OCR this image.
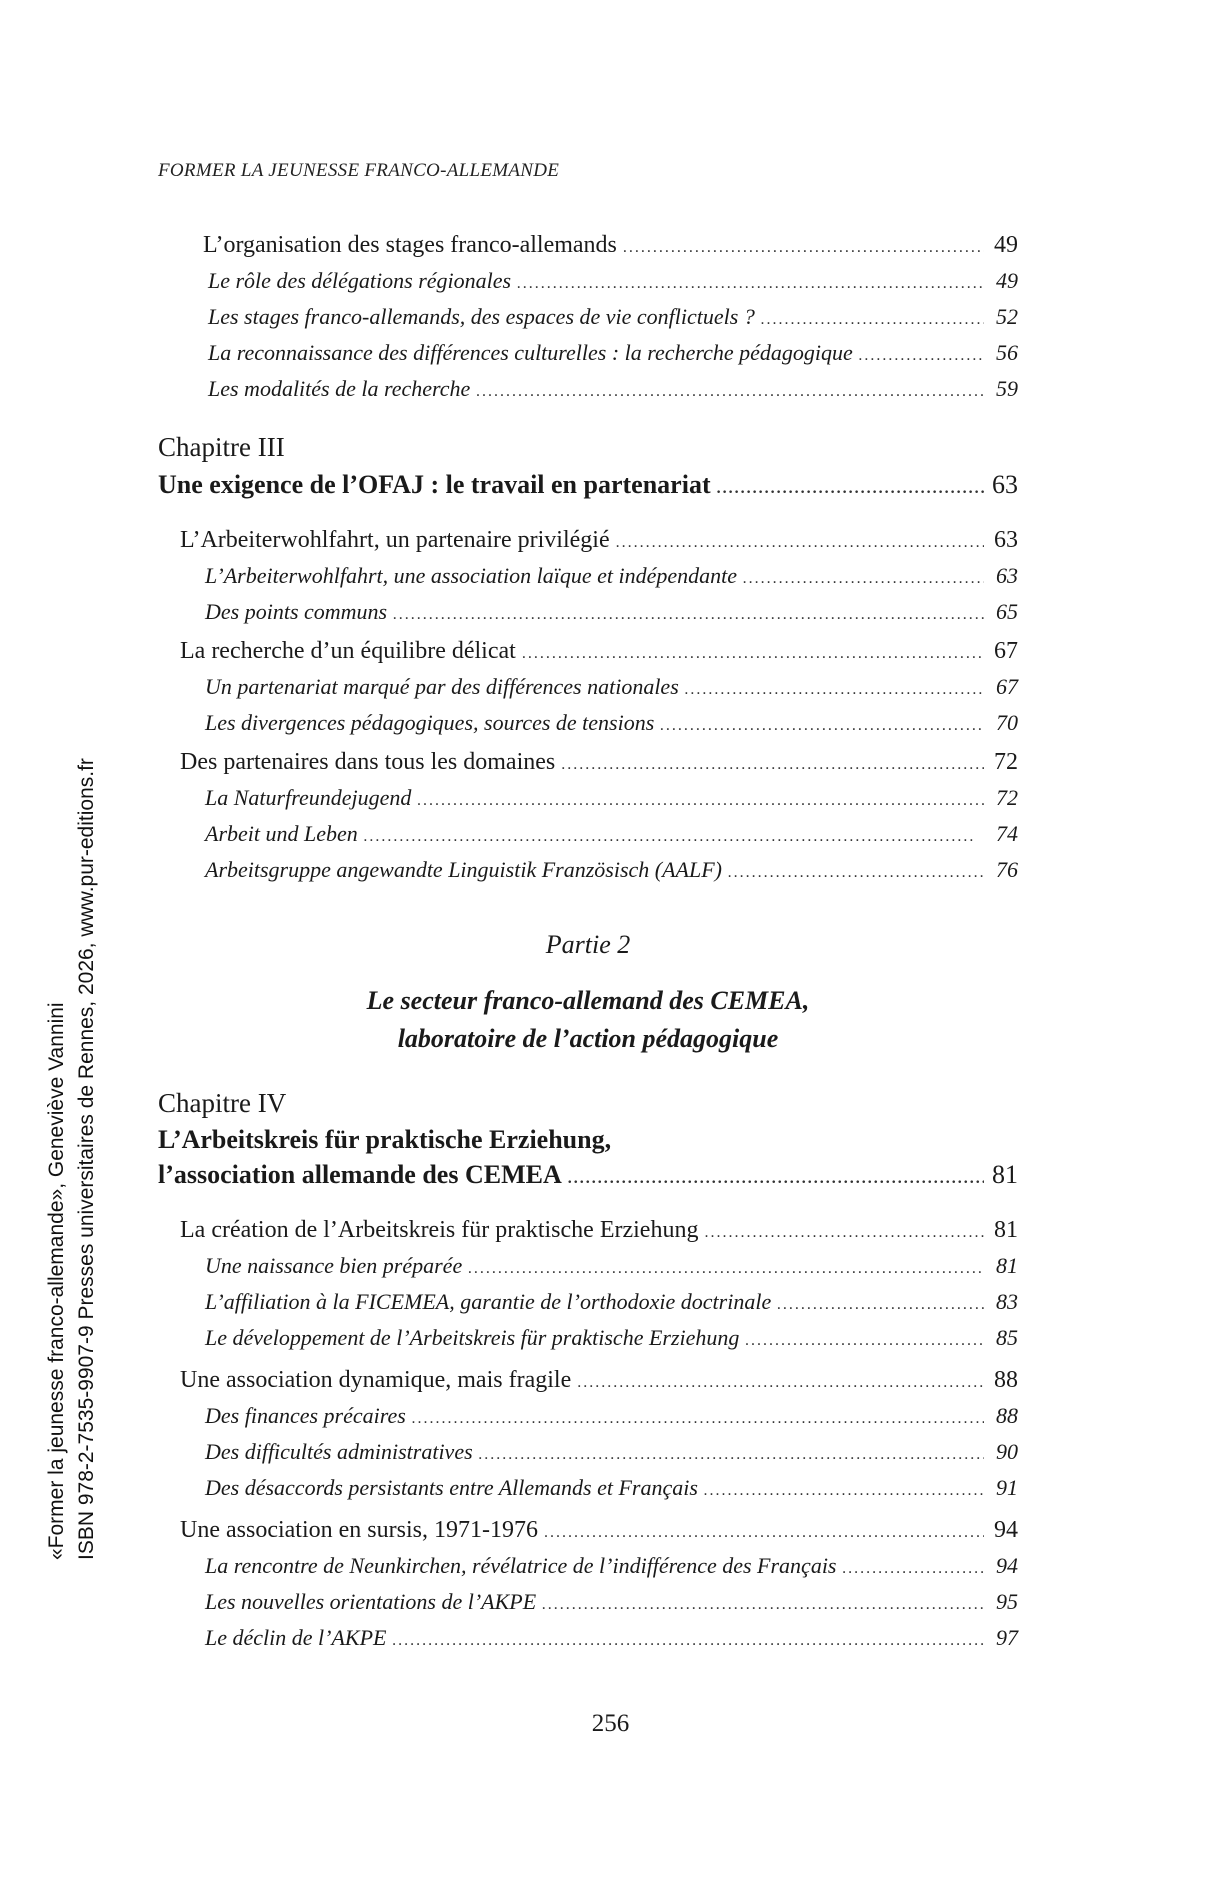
FORMER LA JEUNESSE FRANCO-ALLEMANDE
L’organisation des stages franco-allemands . . .	49
Le rôle des délégations régionales . . .	49
Les stages franco-allemands, des espaces de vie conflictuels ? . . .	52
La reconnaissance des différences culturelles : la recherche pédagogique . . .	56
Les modalités de la recherche . . .	59
Une exigence de l’OFAJ : le travail en partenariat . . .	63
L’Arbeiterwohlfahrt, un partenaire privilégié . . .	63
L’Arbeiterwohlfahrt, une association laïque et indépendante . . .	63
Des points communs . . .	65
La recherche d’un équilibre délicat . . .	67
Un partenariat marqué par des différences nationales . . .	67
Les divergences pédagogiques, sources de tensions . . .	70
Des partenaires dans tous les domaines . . .	72
La Naturfreundejugend . . .	72
Arbeit und Leben . . .	74
Arbeitsgruppe angewandte Linguistik Französisch (AALF) . . .	76
L’Arbeitskreis für praktische Erziehung,
l’association allemande des CEMEA . . .	81
La création de l’Arbeitskreis für praktische Erziehung . . .	81
Une naissance bien préparée . . .	81
L’affiliation à la FICEMEA, garantie de l’orthodoxie doctrinale . . .	83
Le développement de l’Arbeitskreis für praktische Erziehung . . .	85
Une association dynamique, mais fragile . . .	88
Des finances précaires . . .	88
Des difficultés administratives . . .	90
Des désaccords persistants entre Allemands et Français . . .	91
Une association en sursis, 1971-1976 . . .	94
La rencontre de Neunkirchen, révélatrice de l’indifférence des Français . . .	94
Les nouvelles orientations de l’AKPE . . .	95
Le déclin de l’AKPE . . .	97
Chapitre III
Partie 2
Le secteur franco-allemand des CEMEA,
laboratoire de l’action pédagogique
Chapitre IV
256
«Former la jeunesse franco-allemande», Geneviève Vannini ISBN 978-2-7535-9907-9 Presses universitaires de Rennes, 2026, www.pur-editions.fr
